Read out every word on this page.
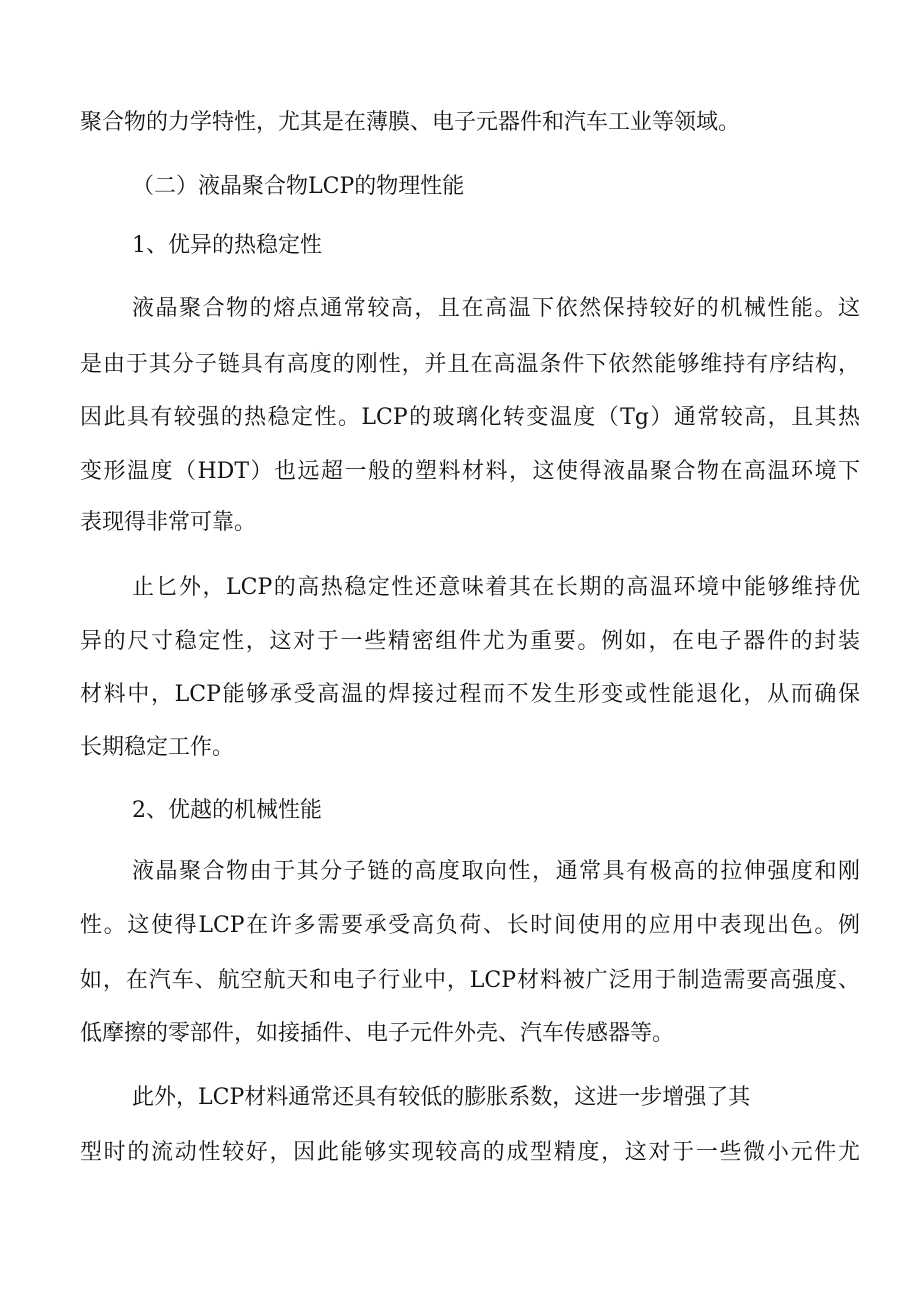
聚合物的力学特性，尤其是在薄膜、电子元器件和汽车工业等领域。
（二）液晶聚合物LCP的物理性能
1、优异的热稳定性
液晶聚合物的熔点通常较高，且在高温下依然保持较好的机械性能。这
是由于其分子链具有高度的刚性，并且在高温条件下依然能够维持有序结构，
因此具有较强的热稳定性。LCP的玻璃化转变温度（Tg）通常较高，且其热
变形温度（HDT）也远超一般的塑料材料，这使得液晶聚合物在高温环境下
表现得非常可靠。
止匕外，LCP的高热稳定性还意味着其在长期的高温环境中能够维持优
异的尺寸稳定性，这对于一些精密组件尤为重要。例如，在电子器件的封装
材料中，LCP能够承受高温的焊接过程而不发生形变或性能退化，从而确保
长期稳定工作。
2、优越的机械性能
液晶聚合物由于其分子链的高度取向性，通常具有极高的拉伸强度和刚
性。这使得LCP在许多需要承受高负荷、长时间使用的应用中表现出色。例
如，在汽车、航空航天和电子行业中，LCP材料被广泛用于制造需要高强度、
低摩擦的零部件，如接插件、电子元件外壳、汽车传感器等。
此外，LCP材料通常还具有较低的膨胀系数，这进一步增强了其
型时的流动性较好，因此能够实现较高的成型精度，这对于一些微小元件尤
